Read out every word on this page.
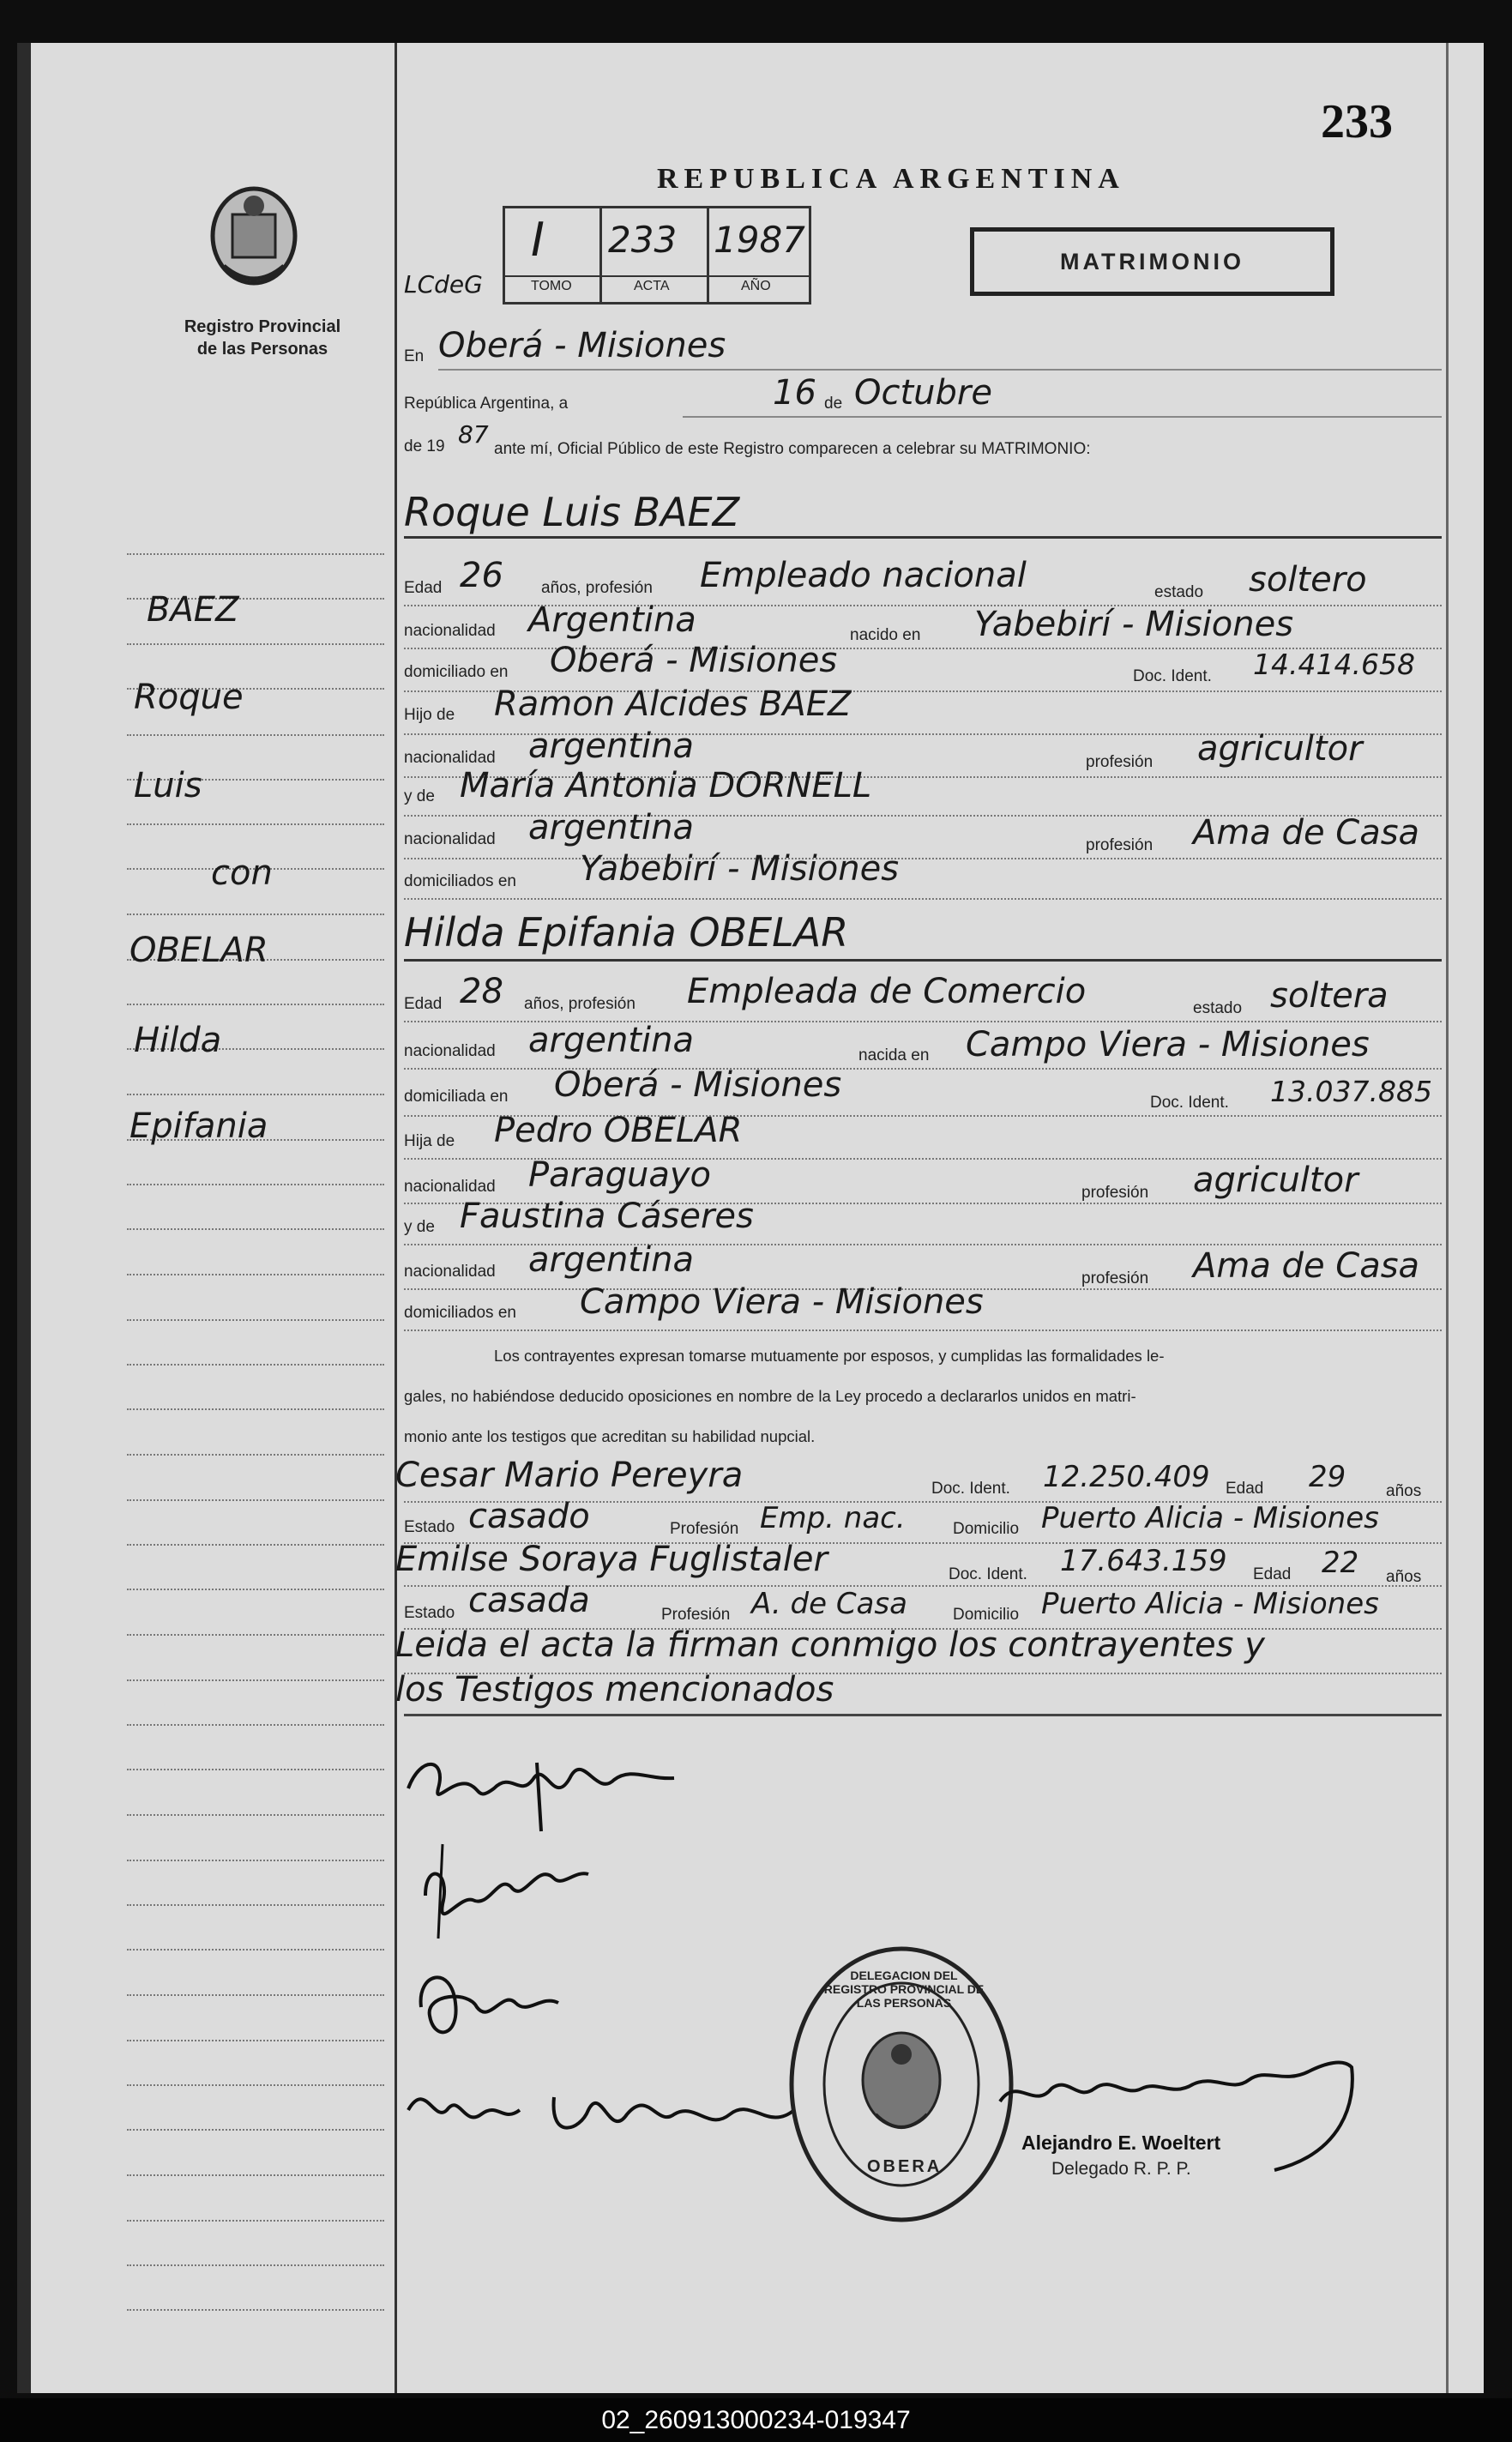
233
Registro Provincial
de las Personas
BAEZ
Roque
Luis
con
OBELAR
Hilda
Epifania
REPUBLICA ARGENTINA
MATRIMONIO
LCdeG
I 233 1987
TOMO	ACTA	AÑO
En Oberá - Misiones
República Argentina, a	16 de Octubre
de 19 87
ante mí, Oficial Público de este Registro comparecen a celebrar su MATRIMONIO:
Roque Luis BAEZ
Edad 26 años, profesión Empleado nacional	estado soltero
nacionalidad Argentina	nacido en Yabebirí - Misiones
domiciliado en Oberá - Misiones	Doc. Ident. 14.414.658
Hijo de Ramon Alcides BAEZ
nacionalidad argentina	profesión agricultor
y de María Antonia DORNELL
nacionalidad argentina	profesión Ama de Casa
domiciliados en Yabebirí - Misiones
Hilda Epifania OBELAR
Edad 28 años, profesión Empleada de Comercio	estado soltera
nacionalidad argentina	nacida en Campo Viera - Misiones
domiciliada en Oberá - Misiones	Doc. Ident. 13.037.885
Hija de Pedro OBELAR
nacionalidad Paraguayo	profesión agricultor
y de Faustina Cáseres
nacionalidad argentina	profesión Ama de Casa
domiciliados en Campo Viera - Misiones
Los contrayentes expresan tomarse mutuamente por esposos, y cumplidas las formalidades le-
gales, no habiéndose deducido oposiciones en nombre de la Ley procedo a declararlos unidos en matri-
monio ante los testigos que acreditan su habilidad nupcial.
Cesar Mario Pereyra	Doc. Ident. 12.250.409 Edad 29 años
Estado casado	Profesión Emp. nac.	Domicilio Puerto Alicia - Misiones
Emilse Soraya Fuglistaler	Doc. Ident. 17.643.159 Edad 22 años
Estado casada	Profesión A. de Casa	Domicilio Puerto Alicia - Misiones
Leida el acta la firman conmigo los contrayentes y
los Testigos mencionados
DELEGACION DEL REGISTRO PROVINCIAL DE LAS PERSONAS
OBERA
Alejandro E. Woeltert
Delegado R. P. P.
02_260913000234-019347
